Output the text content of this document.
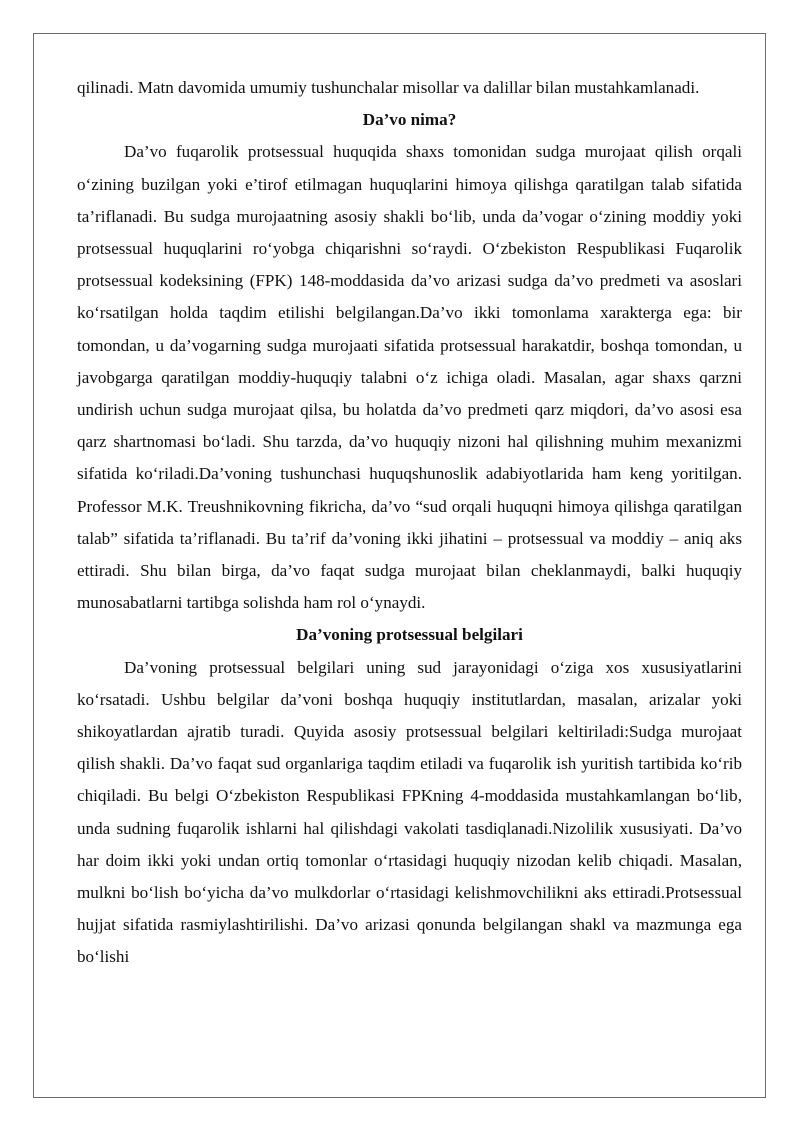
qilinadi. Matn davomida umumiy tushunchalar misollar va dalillar bilan mustahkamlanadi.

Da’vo nima?

Da’vo fuqarolik protsessual huquqida shaxs tomonidan sudga murojaat qilish orqali o‘zining buzilgan yoki e’tirof etilmagan huquqlarini himoya qilishga qaratilgan talab sifatida ta’riflanadi. Bu sudga murojaatning asosiy shakli bo‘lib, unda da’vogar o‘zining moddiy yoki protsessual huquqlarini ro‘yobga chiqarishni so‘raydi. O‘zbekiston Respublikasi Fuqarolik protsessual kodeksining (FPK) 148-moddasida da’vo arizasi sudga da’vo predmeti va asoslari ko‘rsatilgan holda taqdim etilishi belgilangan.Da’vo ikki tomonlama xarakterga ega: bir tomondan, u da’vogarning sudga murojaati sifatida protsessual harakatdir, boshqa tomondan, u javobgarga qaratilgan moddiy-huquqiy talabni o‘z ichiga oladi. Masalan, agar shaxs qarzni undirish uchun sudga murojaat qilsa, bu holatda da’vo predmeti qarz miqdori, da’vo asosi esa qarz shartnomasi bo‘ladi. Shu tarzda, da’vo huquqiy nizoni hal qilishning muhim mexanizmi sifatida ko‘riladi.Da’voning tushunchasi huquqshunoslik adabiyotlarida ham keng yoritilgan. Professor M.K. Treushnikovning fikricha, da’vo “sud orqali huquqni himoya qilishga qaratilgan talab” sifatida ta’riflanadi. Bu ta’rif da’voning ikki jihatini – protsessual va moddiy – aniq aks ettiradi. Shu bilan birga, da’vo faqat sudga murojaat bilan cheklanmaydi, balki huquqiy munosabatlarni tartibga solishda ham rol o‘ynaydi.

Da’voning protsessual belgilari

Da’voning protsessual belgilari uning sud jarayonidagi o‘ziga xos xususiyatlarini ko‘rsatadi. Ushbu belgilar da’voni boshqa huquqiy institutlardan, masalan, arizalar yoki shikoyatlardan ajratib turadi. Quyida asosiy protsessual belgilari keltiriladi:Sudga murojaat qilish shakli. Da’vo faqat sud organlariga taqdim etiladi va fuqarolik ish yuritish tartibida ko‘rib chiqiladi. Bu belgi O‘zbekiston Respublikasi FPKning 4-moddasida mustahkamlangan bo‘lib, unda sudning fuqarolik ishlarni hal qilishdagi vakolati tasdiqlanadi.Nizolilik xususiyati. Da’vo har doim ikki yoki undan ortiq tomonlar o‘rtasidagi huquqiy nizodan kelib chiqadi. Masalan, mulkni bo‘lish bo‘yicha da’vo mulkdorlar o‘rtasidagi kelishmovchilikni aks ettiradi.Protsessual hujjat sifatida rasmiylashtirilishi. Da’vo arizasi qonunda belgilangan shakl va mazmunga ega bo‘lishi
